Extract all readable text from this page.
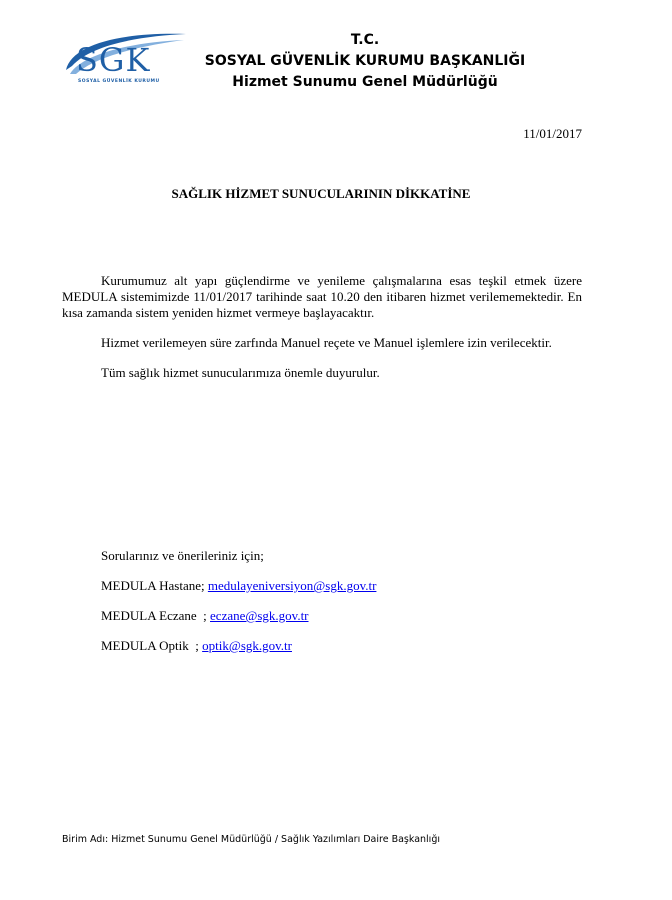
SGK
SOSYAL GÜVENLİK KURUMU
T.C.
SOSYAL GÜVENLİK KURUMU BAŞKANLIĞI
Hizmet Sunumu Genel Müdürlüğü
11/01/2017
SAĞLIK HİZMET SUNUCULARININ DİKKATİNE

Kurumumuz alt yapı güçlendirme ve yenileme çalışmalarına esas teşkil etmek üzere MEDULA sistemimizde 11/01/2017 tarihinde saat 10.20 den itibaren hizmet verilememektedir. En kısa zamanda sistem yeniden hizmet vermeye başlayacaktır.

Hizmet verilemeyen süre zarfında Manuel reçete ve Manuel işlemlere izin verilecektir.

Tüm sağlık hizmet sunucularımıza önemle duyurulur.

Sorularınız ve önerileriniz için;
MEDULA Hastane; medulayeniversiyon@sgk.gov.tr
MEDULA Eczane  ; eczane@sgk.gov.tr
MEDULA Optik  ; optik@sgk.gov.tr
Birim Adı: Hizmet Sunumu Genel Müdürlüğü / Sağlık Yazılımları Daire Başkanlığı
